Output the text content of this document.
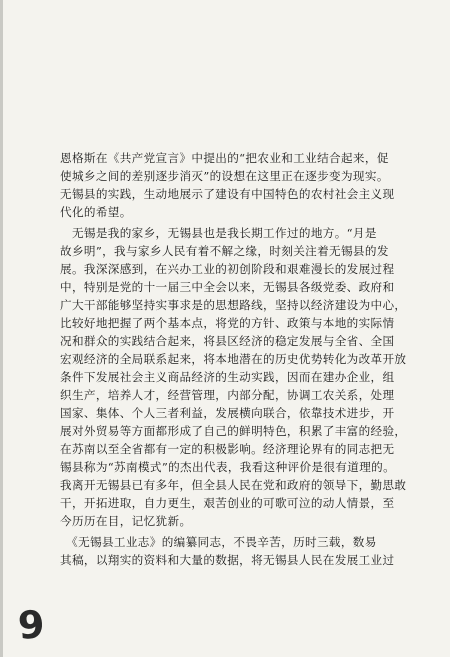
恩格斯在《共产党宣言》中提出的“把农业和工业结合起来，促
使城乡之间的差别逐步消灭”的设想在这里正在逐步变为现实。
无锡县的实践，生动地展示了建设有中国特色的农村社会主义现
代化的希望。
　无锡是我的家乡，无锡县也是我长期工作过的地方。“月是
故乡明”，我与家乡人民有着不解之缘，时刻关注着无锡县的发
展。我深深感到，在兴办工业的初创阶段和艰难漫长的发展过程
中，特别是党的十一届三中全会以来，无锡县各级党委、政府和
广大干部能够坚持实事求是的思想路线，坚持以经济建设为中心，
比较好地把握了两个基本点，将党的方针、政策与本地的实际情
况和群众的实践结合起来，将县区经济的稳定发展与全省、全国
宏观经济的全局联系起来，将本地潜在的历史优势转化为改革开放
条件下发展社会主义商品经济的生动实践，因而在建办企业，组
织生产，培养人才，经营管理，内部分配，协调工农关系，处理
国家、集体、个人三者利益，发展横向联合，依靠技术进步，开
展对外贸易等方面都形成了自己的鲜明特色，积累了丰富的经验，
在苏南以至全省都有一定的积极影响。经济理论界有的同志把无
锡县称为“苏南模式”的杰出代表，我看这种评价是很有道理的。
我离开无锡县已有多年，但全县人民在党和政府的领导下，勤思敢
干，开拓进取，自力更生，艰苦创业的可歌可泣的动人情景，至
今历历在目，记忆犹新。
　《无锡县工业志》的编纂同志，不畏辛苦，历时三载，数易
其稿，以翔实的资料和大量的数据，将无锡县人民在发展工业过
9
